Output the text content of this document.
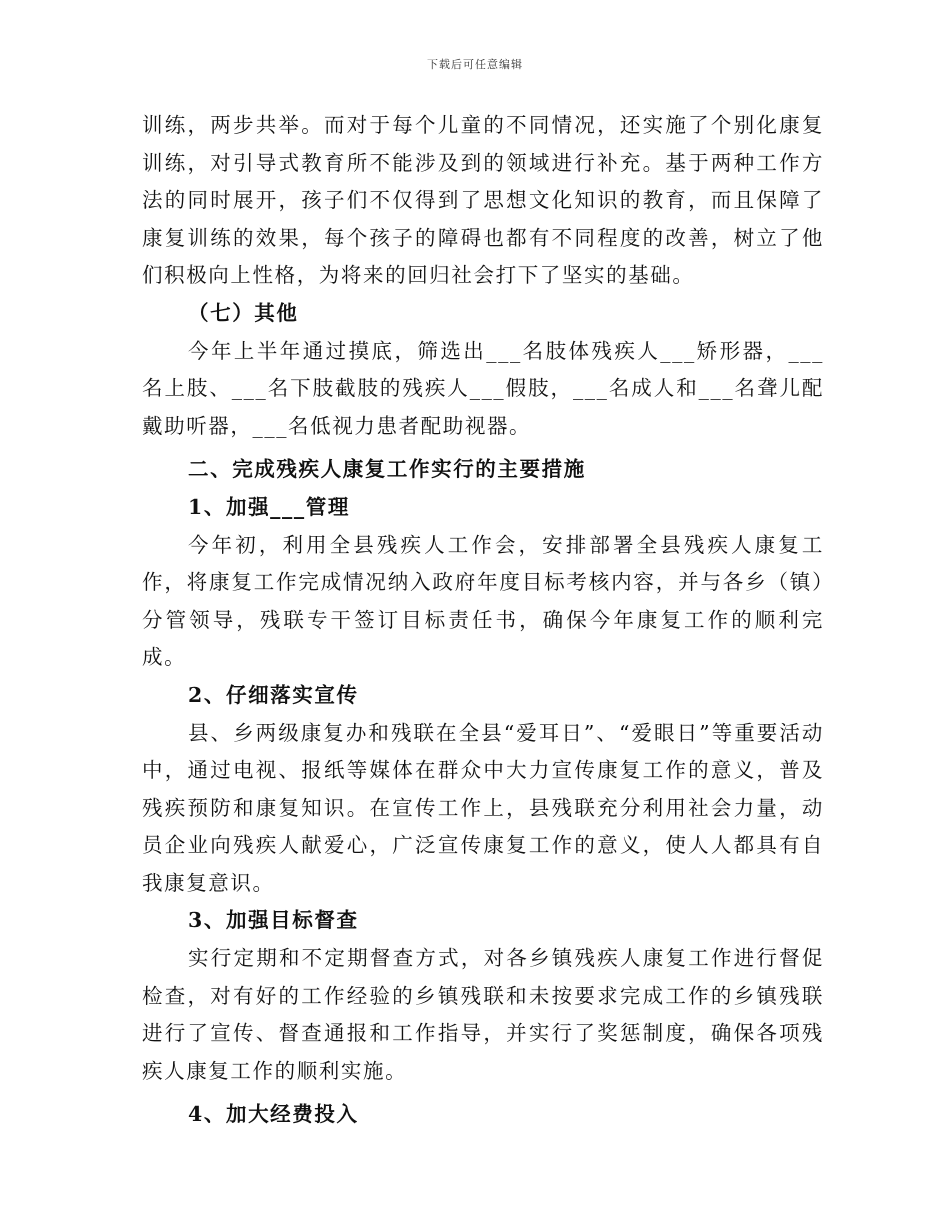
下载后可任意编辑

训练，两步共举。而对于每个儿童的不同情况，还实施了个别化康复训练，对引导式教育所不能涉及到的领域进行补充。基于两种工作方法的同时展开，孩子们不仅得到了思想文化知识的教育，而且保障了康复训练的效果，每个孩子的障碍也都有不同程度的改善，树立了他们积极向上性格，为将来的回归社会打下了坚实的基础。

（七）其他

今年上半年通过摸底，筛选出___名肢体残疾人___矫形器，___名上肢、___名下肢截肢的残疾人___假肢，___名成人和___名聋儿配戴助听器，___名低视力患者配助视器。

二、完成残疾人康复工作实行的主要措施

1、加强___管理

今年初，利用全县残疾人工作会，安排部署全县残疾人康复工作，将康复工作完成情况纳入政府年度目标考核内容，并与各乡（镇）分管领导，残联专干签订目标责任书，确保今年康复工作的顺利完成。

2、仔细落实宣传

县、乡两级康复办和残联在全县“爱耳日”、“爱眼日”等重要活动中，通过电视、报纸等媒体在群众中大力宣传康复工作的意义，普及残疾预防和康复知识。在宣传工作上，县残联充分利用社会力量，动员企业向残疾人献爱心，广泛宣传康复工作的意义，使人人都具有自我康复意识。

3、加强目标督查

实行定期和不定期督查方式，对各乡镇残疾人康复工作进行督促检查，对有好的工作经验的乡镇残联和未按要求完成工作的乡镇残联进行了宣传、督查通报和工作指导，并实行了奖惩制度，确保各项残疾人康复工作的顺利实施。

4、加大经费投入
